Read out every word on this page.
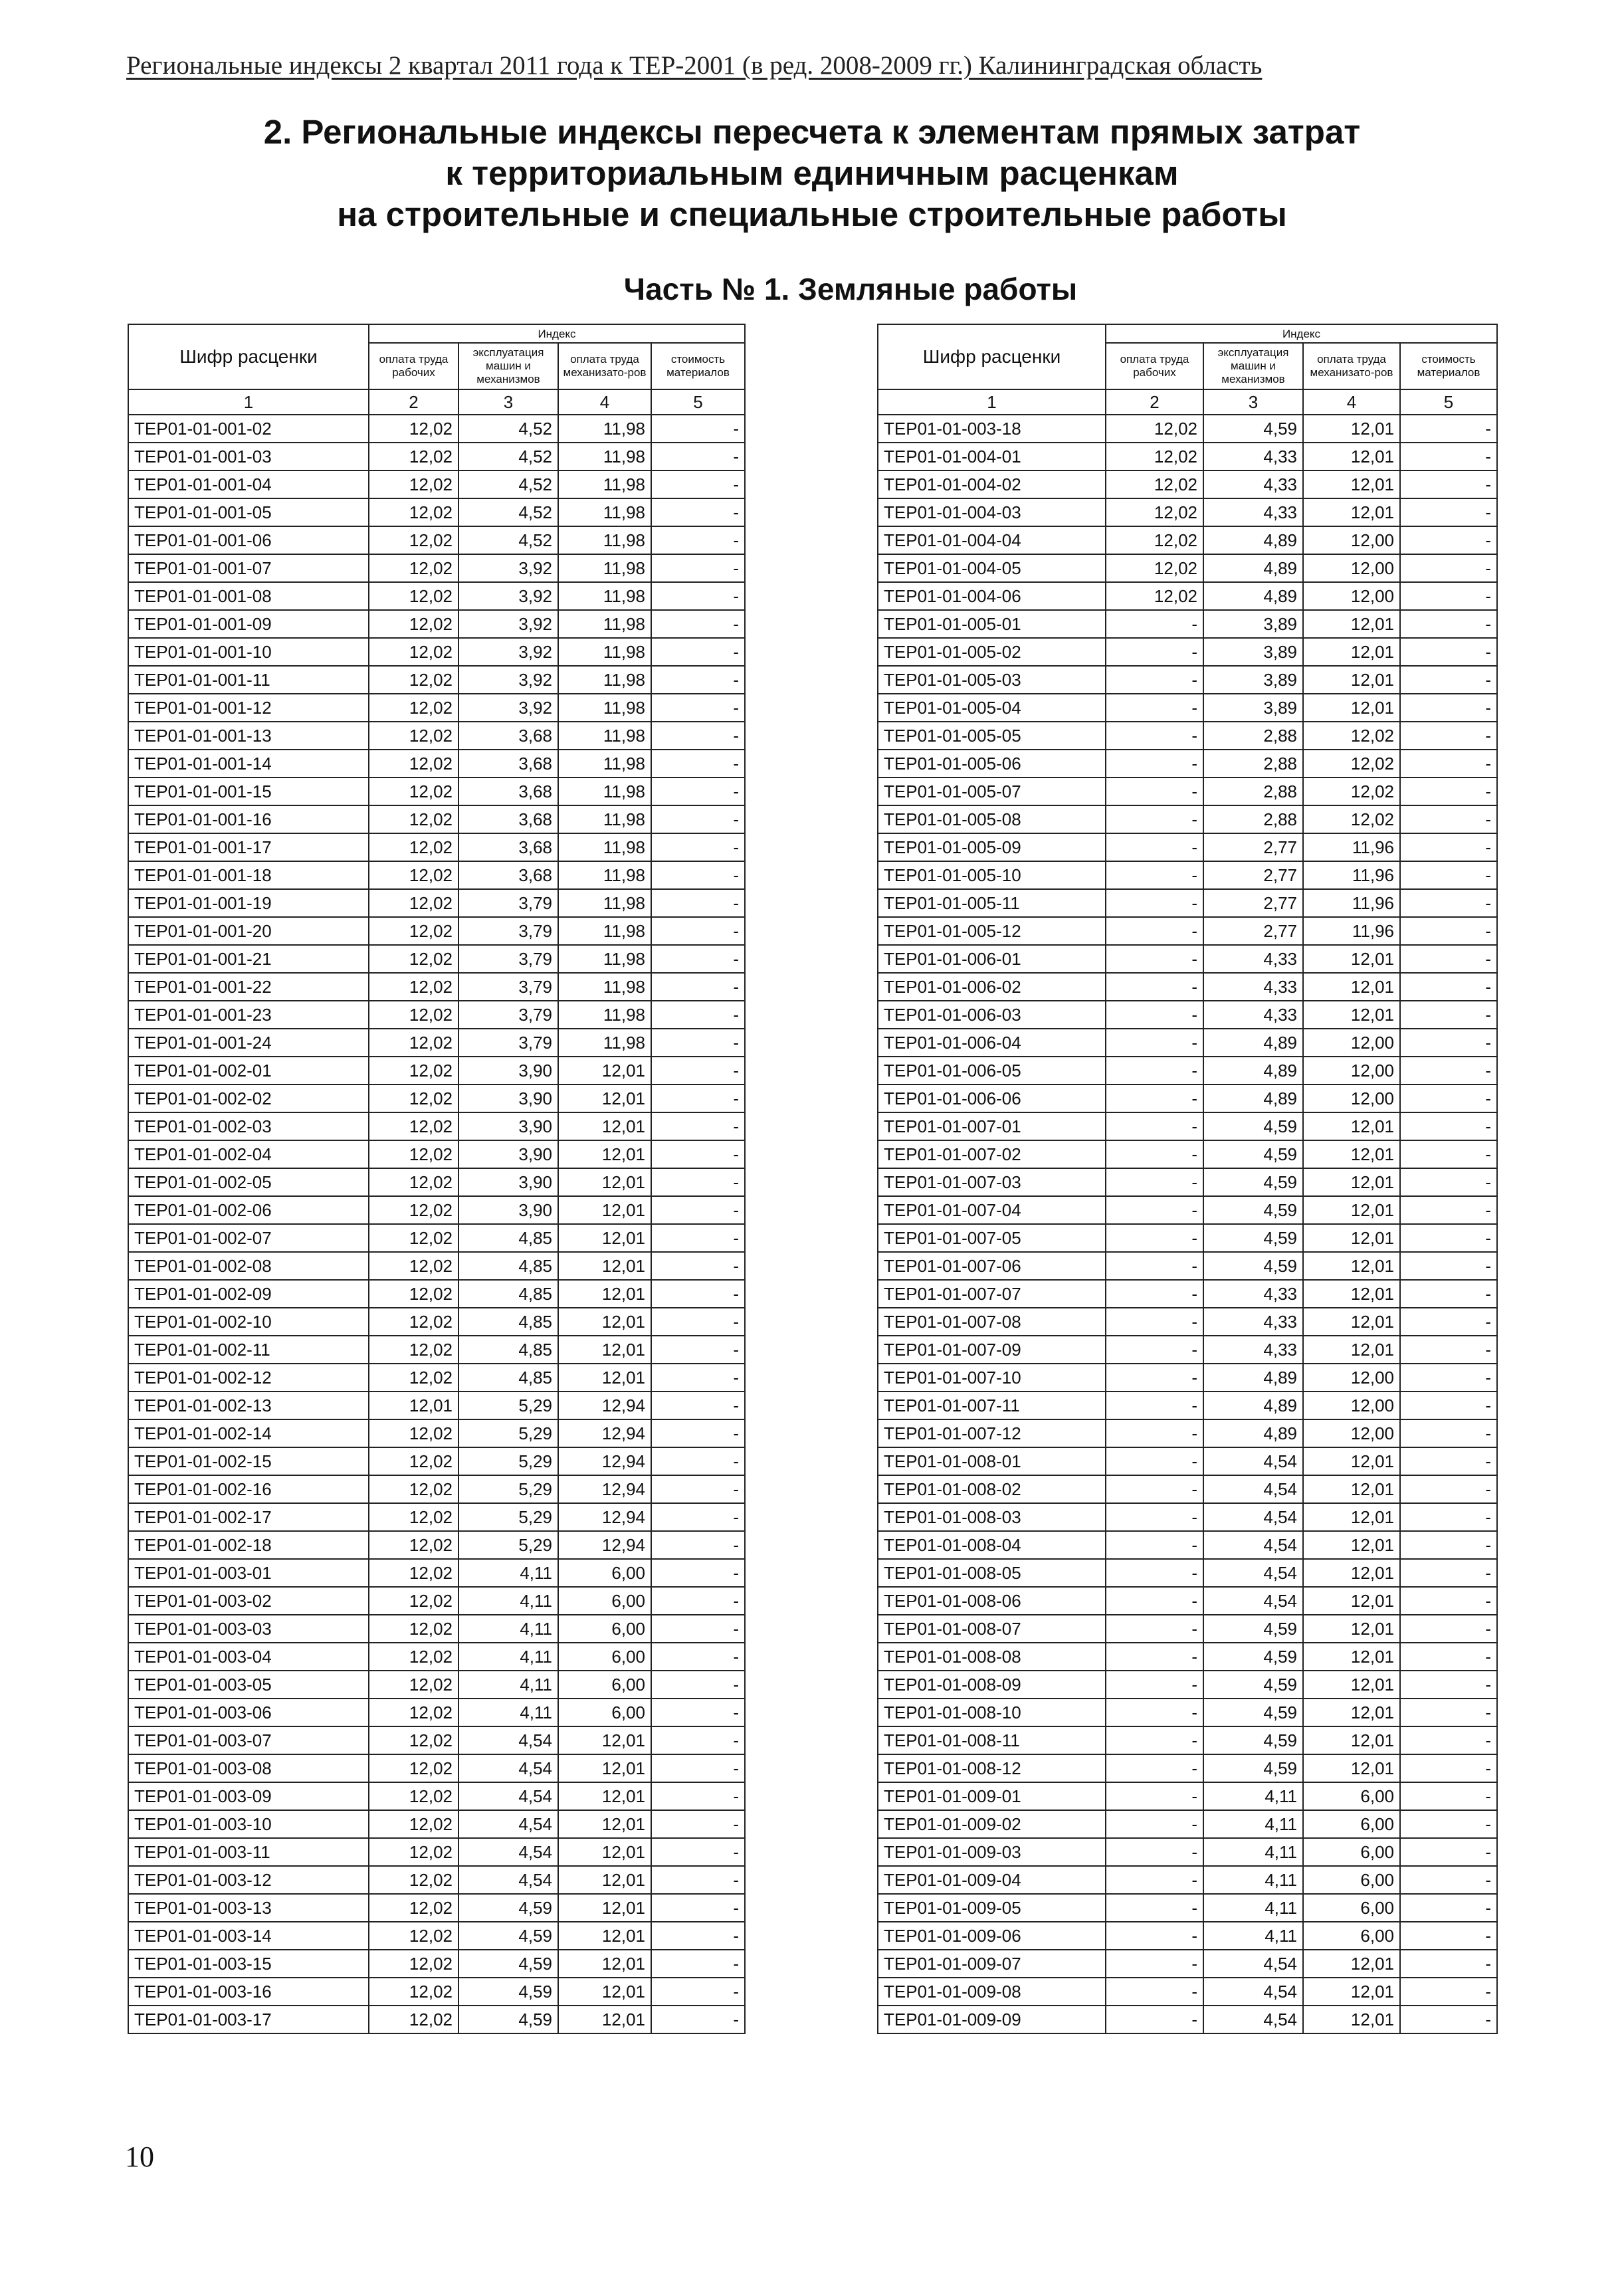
Региональные индексы 2 квартал 2011 года к ТЕР-2001 (в ред. 2008-2009 гг.) Калининградская область
2. Региональные индексы пересчета к элементам прямых затрат
к территориальным единичным расценкам
на строительные и специальные строительные работы
Часть № 1. Земляные работы
Шифр расценки	Индекс			
	оплата труда рабочих	эксплуатация машин и механизмов	оплата труда механизато-ров	стоимость материалов
1	2	3	4	5
ТЕР01-01-001-02	12,02	4,52	11,98	-
ТЕР01-01-001-03	12,02	4,52	11,98	-
ТЕР01-01-001-04	12,02	4,52	11,98	-
ТЕР01-01-001-05	12,02	4,52	11,98	-
ТЕР01-01-001-06	12,02	4,52	11,98	-
ТЕР01-01-001-07	12,02	3,92	11,98	-
ТЕР01-01-001-08	12,02	3,92	11,98	-
ТЕР01-01-001-09	12,02	3,92	11,98	-
ТЕР01-01-001-10	12,02	3,92	11,98	-
ТЕР01-01-001-11	12,02	3,92	11,98	-
ТЕР01-01-001-12	12,02	3,92	11,98	-
ТЕР01-01-001-13	12,02	3,68	11,98	-
ТЕР01-01-001-14	12,02	3,68	11,98	-
ТЕР01-01-001-15	12,02	3,68	11,98	-
ТЕР01-01-001-16	12,02	3,68	11,98	-
ТЕР01-01-001-17	12,02	3,68	11,98	-
ТЕР01-01-001-18	12,02	3,68	11,98	-
ТЕР01-01-001-19	12,02	3,79	11,98	-
ТЕР01-01-001-20	12,02	3,79	11,98	-
ТЕР01-01-001-21	12,02	3,79	11,98	-
ТЕР01-01-001-22	12,02	3,79	11,98	-
ТЕР01-01-001-23	12,02	3,79	11,98	-
ТЕР01-01-001-24	12,02	3,79	11,98	-
ТЕР01-01-002-01	12,02	3,90	12,01	-
ТЕР01-01-002-02	12,02	3,90	12,01	-
ТЕР01-01-002-03	12,02	3,90	12,01	-
ТЕР01-01-002-04	12,02	3,90	12,01	-
ТЕР01-01-002-05	12,02	3,90	12,01	-
ТЕР01-01-002-06	12,02	3,90	12,01	-
ТЕР01-01-002-07	12,02	4,85	12,01	-
ТЕР01-01-002-08	12,02	4,85	12,01	-
ТЕР01-01-002-09	12,02	4,85	12,01	-
ТЕР01-01-002-10	12,02	4,85	12,01	-
ТЕР01-01-002-11	12,02	4,85	12,01	-
ТЕР01-01-002-12	12,02	4,85	12,01	-
ТЕР01-01-002-13	12,01	5,29	12,94	-
ТЕР01-01-002-14	12,02	5,29	12,94	-
ТЕР01-01-002-15	12,02	5,29	12,94	-
ТЕР01-01-002-16	12,02	5,29	12,94	-
ТЕР01-01-002-17	12,02	5,29	12,94	-
ТЕР01-01-002-18	12,02	5,29	12,94	-
ТЕР01-01-003-01	12,02	4,11	6,00	-
ТЕР01-01-003-02	12,02	4,11	6,00	-
ТЕР01-01-003-03	12,02	4,11	6,00	-
ТЕР01-01-003-04	12,02	4,11	6,00	-
ТЕР01-01-003-05	12,02	4,11	6,00	-
ТЕР01-01-003-06	12,02	4,11	6,00	-
ТЕР01-01-003-07	12,02	4,54	12,01	-
ТЕР01-01-003-08	12,02	4,54	12,01	-
ТЕР01-01-003-09	12,02	4,54	12,01	-
ТЕР01-01-003-10	12,02	4,54	12,01	-
ТЕР01-01-003-11	12,02	4,54	12,01	-
ТЕР01-01-003-12	12,02	4,54	12,01	-
ТЕР01-01-003-13	12,02	4,59	12,01	-
ТЕР01-01-003-14	12,02	4,59	12,01	-
ТЕР01-01-003-15	12,02	4,59	12,01	-
ТЕР01-01-003-16	12,02	4,59	12,01	-
ТЕР01-01-003-17	12,02	4,59	12,01	-
Шифр расценки	Индекс			
	оплата труда рабочих	эксплуатация машин и механизмов	оплата труда механизато-ров	стоимость материалов
1	2	3	4	5
ТЕР01-01-003-18	12,02	4,59	12,01	-
ТЕР01-01-004-01	12,02	4,33	12,01	-
ТЕР01-01-004-02	12,02	4,33	12,01	-
ТЕР01-01-004-03	12,02	4,33	12,01	-
ТЕР01-01-004-04	12,02	4,89	12,00	-
ТЕР01-01-004-05	12,02	4,89	12,00	-
ТЕР01-01-004-06	12,02	4,89	12,00	-
ТЕР01-01-005-01	-	3,89	12,01	-
ТЕР01-01-005-02	-	3,89	12,01	-
ТЕР01-01-005-03	-	3,89	12,01	-
ТЕР01-01-005-04	-	3,89	12,01	-
ТЕР01-01-005-05	-	2,88	12,02	-
ТЕР01-01-005-06	-	2,88	12,02	-
ТЕР01-01-005-07	-	2,88	12,02	-
ТЕР01-01-005-08	-	2,88	12,02	-
ТЕР01-01-005-09	-	2,77	11,96	-
ТЕР01-01-005-10	-	2,77	11,96	-
ТЕР01-01-005-11	-	2,77	11,96	-
ТЕР01-01-005-12	-	2,77	11,96	-
ТЕР01-01-006-01	-	4,33	12,01	-
ТЕР01-01-006-02	-	4,33	12,01	-
ТЕР01-01-006-03	-	4,33	12,01	-
ТЕР01-01-006-04	-	4,89	12,00	-
ТЕР01-01-006-05	-	4,89	12,00	-
ТЕР01-01-006-06	-	4,89	12,00	-
ТЕР01-01-007-01	-	4,59	12,01	-
ТЕР01-01-007-02	-	4,59	12,01	-
ТЕР01-01-007-03	-	4,59	12,01	-
ТЕР01-01-007-04	-	4,59	12,01	-
ТЕР01-01-007-05	-	4,59	12,01	-
ТЕР01-01-007-06	-	4,59	12,01	-
ТЕР01-01-007-07	-	4,33	12,01	-
ТЕР01-01-007-08	-	4,33	12,01	-
ТЕР01-01-007-09	-	4,33	12,01	-
ТЕР01-01-007-10	-	4,89	12,00	-
ТЕР01-01-007-11	-	4,89	12,00	-
ТЕР01-01-007-12	-	4,89	12,00	-
ТЕР01-01-008-01	-	4,54	12,01	-
ТЕР01-01-008-02	-	4,54	12,01	-
ТЕР01-01-008-03	-	4,54	12,01	-
ТЕР01-01-008-04	-	4,54	12,01	-
ТЕР01-01-008-05	-	4,54	12,01	-
ТЕР01-01-008-06	-	4,54	12,01	-
ТЕР01-01-008-07	-	4,59	12,01	-
ТЕР01-01-008-08	-	4,59	12,01	-
ТЕР01-01-008-09	-	4,59	12,01	-
ТЕР01-01-008-10	-	4,59	12,01	-
ТЕР01-01-008-11	-	4,59	12,01	-
ТЕР01-01-008-12	-	4,59	12,01	-
ТЕР01-01-009-01	-	4,11	6,00	-
ТЕР01-01-009-02	-	4,11	6,00	-
ТЕР01-01-009-03	-	4,11	6,00	-
ТЕР01-01-009-04	-	4,11	6,00	-
ТЕР01-01-009-05	-	4,11	6,00	-
ТЕР01-01-009-06	-	4,11	6,00	-
ТЕР01-01-009-07	-	4,54	12,01	-
ТЕР01-01-009-08	-	4,54	12,01	-
ТЕР01-01-009-09	-	4,54	12,01	-
10
